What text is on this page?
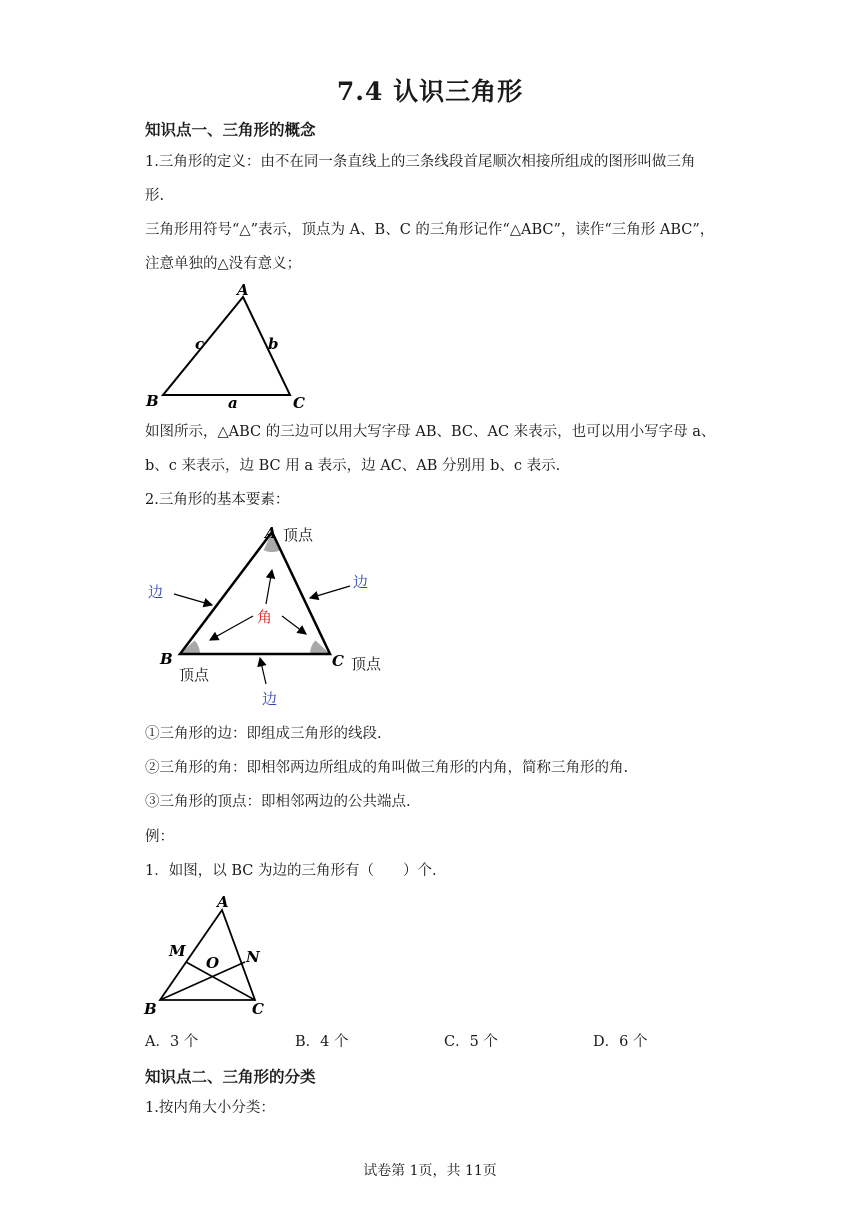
7.4 认识三角形
知识点一、三角形的概念
1.三角形的定义：由不在同一条直线上的三条线段首尾顺次相接所组成的图形叫做三角
形.
三角形用符号“△”表示，顶点为 A、B、C 的三角形记作“△ABC”，读作“三角形 ABC”，
注意单独的△没有意义；
A
B	C
c	b
a
如图所示，△ABC 的三边可以用大写字母 AB、BC、AC 来表示，也可以用小写字母 a、
b、c 来表示，边 BC 用 a 表示，边 AC、AB 分别用 b、c 表示.
2.三角形的基本要素：
A
B	C
顶点
顶点
顶点
边
边
边
角
①三角形的边：即组成三角形的线段.
②三角形的角：即相邻两边所组成的角叫做三角形的内角，简称三角形的角.
③三角形的顶点：即相邻两边的公共端点.
例：
1．如图，以 BC 为边的三角形有（　　）个.
A
B	C
M	N
O
A．3 个	B．4 个	C．5 个	D．6 个
知识点二、三角形的分类
1.按内角大小分类：
试卷第 1页，共 11页
